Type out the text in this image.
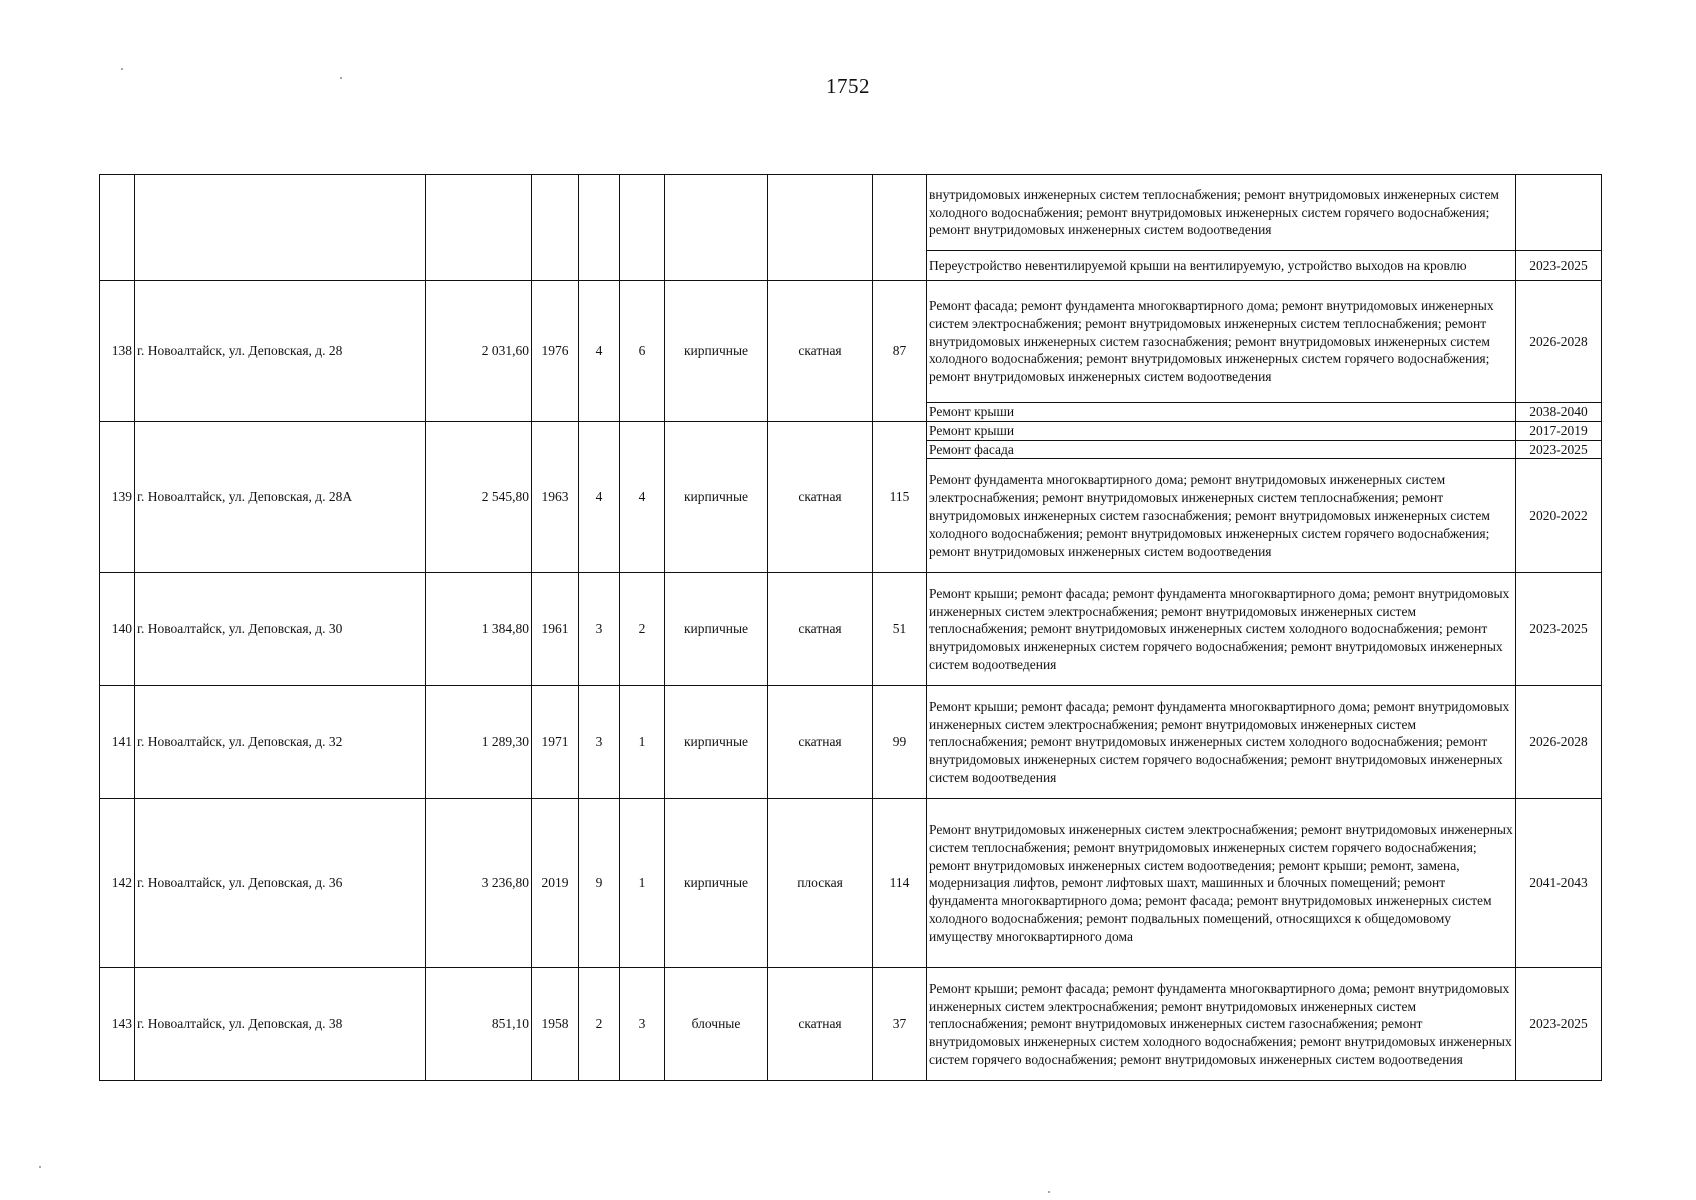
1752
									внутридомовых инженерных систем теплоснабжения; ремонт внутридомовых инженерных систем холодного водоснабжения; ремонт внутридомовых инженерных систем горячего водоснабжения; ремонт внутридомовых инженерных систем водоотведения	
									Переустройство невентилируемой крыши на вентилируемую, устройство выходов на кровлю	2023-2025
138	г. Новоалтайск, ул. Деповская, д. 28	2 031,60	1976	4	6	кирпичные	скатная	87	Ремонт фасада; ремонт фундамента многоквартирного дома; ремонт внутридомовых инженерных систем электроснабжения; ремонт внутридомовых инженерных систем теплоснабжения; ремонт внутридомовых инженерных систем газоснабжения; ремонт внутридомовых инженерных систем холодного водоснабжения; ремонт внутридомовых инженерных систем горячего водоснабжения; ремонт внутридомовых инженерных систем водоотведения	2026-2028
									Ремонт крыши	2038-2040
139	г. Новоалтайск, ул. Деповская, д. 28А	2 545,80	1963	4	4	кирпичные	скатная	115	Ремонт крыши	2017-2019
									Ремонт фасада	2023-2025
									Ремонт фундамента многоквартирного дома; ремонт внутридомовых инженерных систем электроснабжения; ремонт внутридомовых инженерных систем теплоснабжения; ремонт внутридомовых инженерных систем газоснабжения; ремонт внутридомовых инженерных систем холодного водоснабжения; ремонт внутридомовых инженерных систем горячего водоснабжения; ремонт внутридомовых инженерных систем водоотведения	2020-2022
140	г. Новоалтайск, ул. Деповская, д. 30	1 384,80	1961	3	2	кирпичные	скатная	51	Ремонт крыши; ремонт фасада; ремонт фундамента многоквартирного дома; ремонт внутридомовых инженерных систем электроснабжения; ремонт внутридомовых инженерных систем теплоснабжения; ремонт внутридомовых инженерных систем холодного водоснабжения; ремонт внутридомовых инженерных систем горячего водоснабжения; ремонт внутридомовых инженерных систем водоотведения	2023-2025
141	г. Новоалтайск, ул. Деповская, д. 32	1 289,30	1971	3	1	кирпичные	скатная	99	Ремонт крыши; ремонт фасада; ремонт фундамента многоквартирного дома; ремонт внутридомовых инженерных систем электроснабжения; ремонт внутридомовых инженерных систем теплоснабжения; ремонт внутридомовых инженерных систем холодного водоснабжения; ремонт внутридомовых инженерных систем горячего водоснабжения; ремонт внутридомовых инженерных систем водоотведения	2026-2028
142	г. Новоалтайск, ул. Деповская, д. 36	3 236,80	2019	9	1	кирпичные	плоская	114	Ремонт внутридомовых инженерных систем электроснабжения; ремонт внутридомовых инженерных систем теплоснабжения; ремонт внутридомовых инженерных систем горячего водоснабжения; ремонт внутридомовых инженерных систем водоотведения; ремонт крыши; ремонт, замена, модернизация лифтов, ремонт лифтовых шахт, машинных и блочных помещений; ремонт фундамента многоквартирного дома; ремонт фасада; ремонт внутридомовых инженерных систем холодного водоснабжения; ремонт подвальных помещений, относящихся к общедомовому имуществу многоквартирного дома	2041-2043
143	г. Новоалтайск, ул. Деповская, д. 38	851,10	1958	2	3	блочные	скатная	37	Ремонт крыши; ремонт фасада; ремонт фундамента многоквартирного дома; ремонт внутридомовых инженерных систем электроснабжения; ремонт внутридомовых инженерных систем теплоснабжения; ремонт внутридомовых инженерных систем газоснабжения; ремонт внутридомовых инженерных систем холодного водоснабжения; ремонт внутридомовых инженерных систем горячего водоснабжения; ремонт внутридомовых инженерных систем водоотведения	2023-2025
